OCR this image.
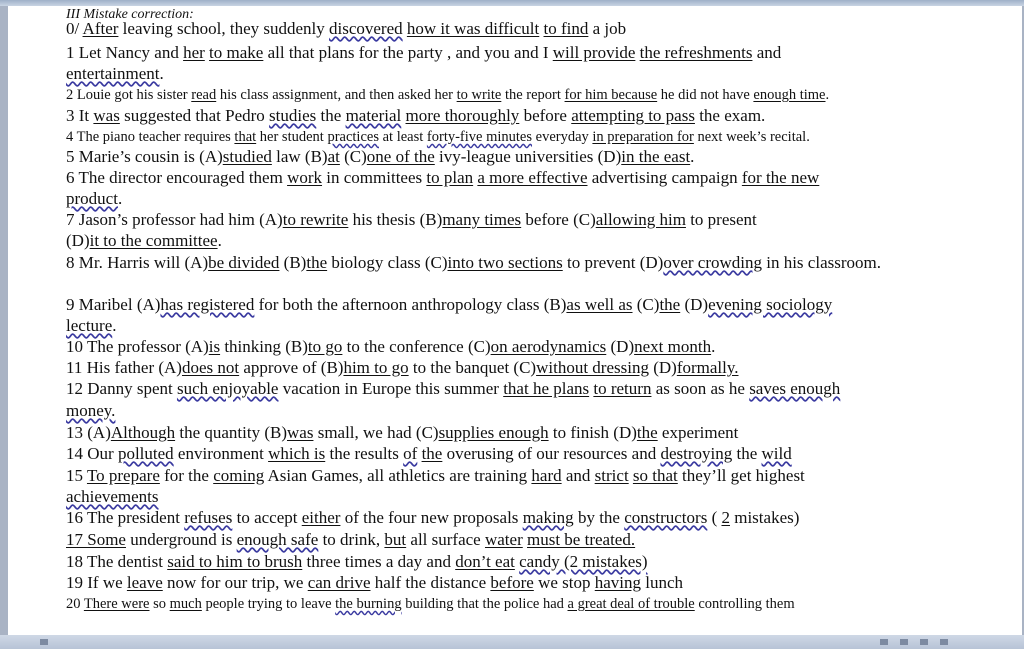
III Mistake correction:
0/ After leaving school, they suddenly discovered how it was difficult to find a job
1 Let Nancy and her to make all that plans for the party , and you and I will provide the refreshments and
entertainment.
2 Louie got his sister read his class assignment, and then asked her to write the report for him because he did not have enough time.
3 It was suggested that Pedro studies the material more thoroughly before attempting to pass the exam.
4 The piano teacher requires that her student practices at least forty-five minutes everyday in preparation for next week’s recital.
5 Marie’s cousin is (A)studied law (B)at (C)one of the ivy-league universities (D)in the east.
6 The director encouraged them work in committees to plan a more effective advertising campaign for the new
product.
7 Jason’s professor had him (A)to rewrite his thesis (B)many times before (C)allowing him to present
(D)it to the committee.
8 Mr. Harris will (A)be divided (B)the biology class (C)into two sections to prevent (D)over crowding in his classroom.
9 Maribel (A)has registered for both the afternoon anthropology class (B)as well as (C)the (D)evening sociology
lecture.
10 The professor (A)is thinking (B)to go to the conference (C)on aerodynamics (D)next month.
11 His father (A)does not approve of (B)him to go to the banquet (C)without dressing (D)formally.
12 Danny spent such enjoyable vacation in Europe this summer that he plans to return as soon as he saves enough
money.
13 (A)Although the quantity (B)was small, we had (C)supplies enough to finish (D)the experiment
14 Our polluted environment which is the results of the overusing of our resources and destroying the wild
15 To prepare for the coming Asian Games, all athletics are training hard and strict so that they’ll get highest
achievements
16 The president refuses to accept either of the four new proposals making by the constructors ( 2 mistakes)
17 Some underground is enough safe to drink, but all surface water must be treated.
18 The dentist said to him to brush three times a day and don’t eat candy (2 mistakes)
19 If we leave now for our trip, we can drive half the distance before we stop having lunch
20 There were so much people trying to leave the burning building that the police had a great deal of trouble controlling them
